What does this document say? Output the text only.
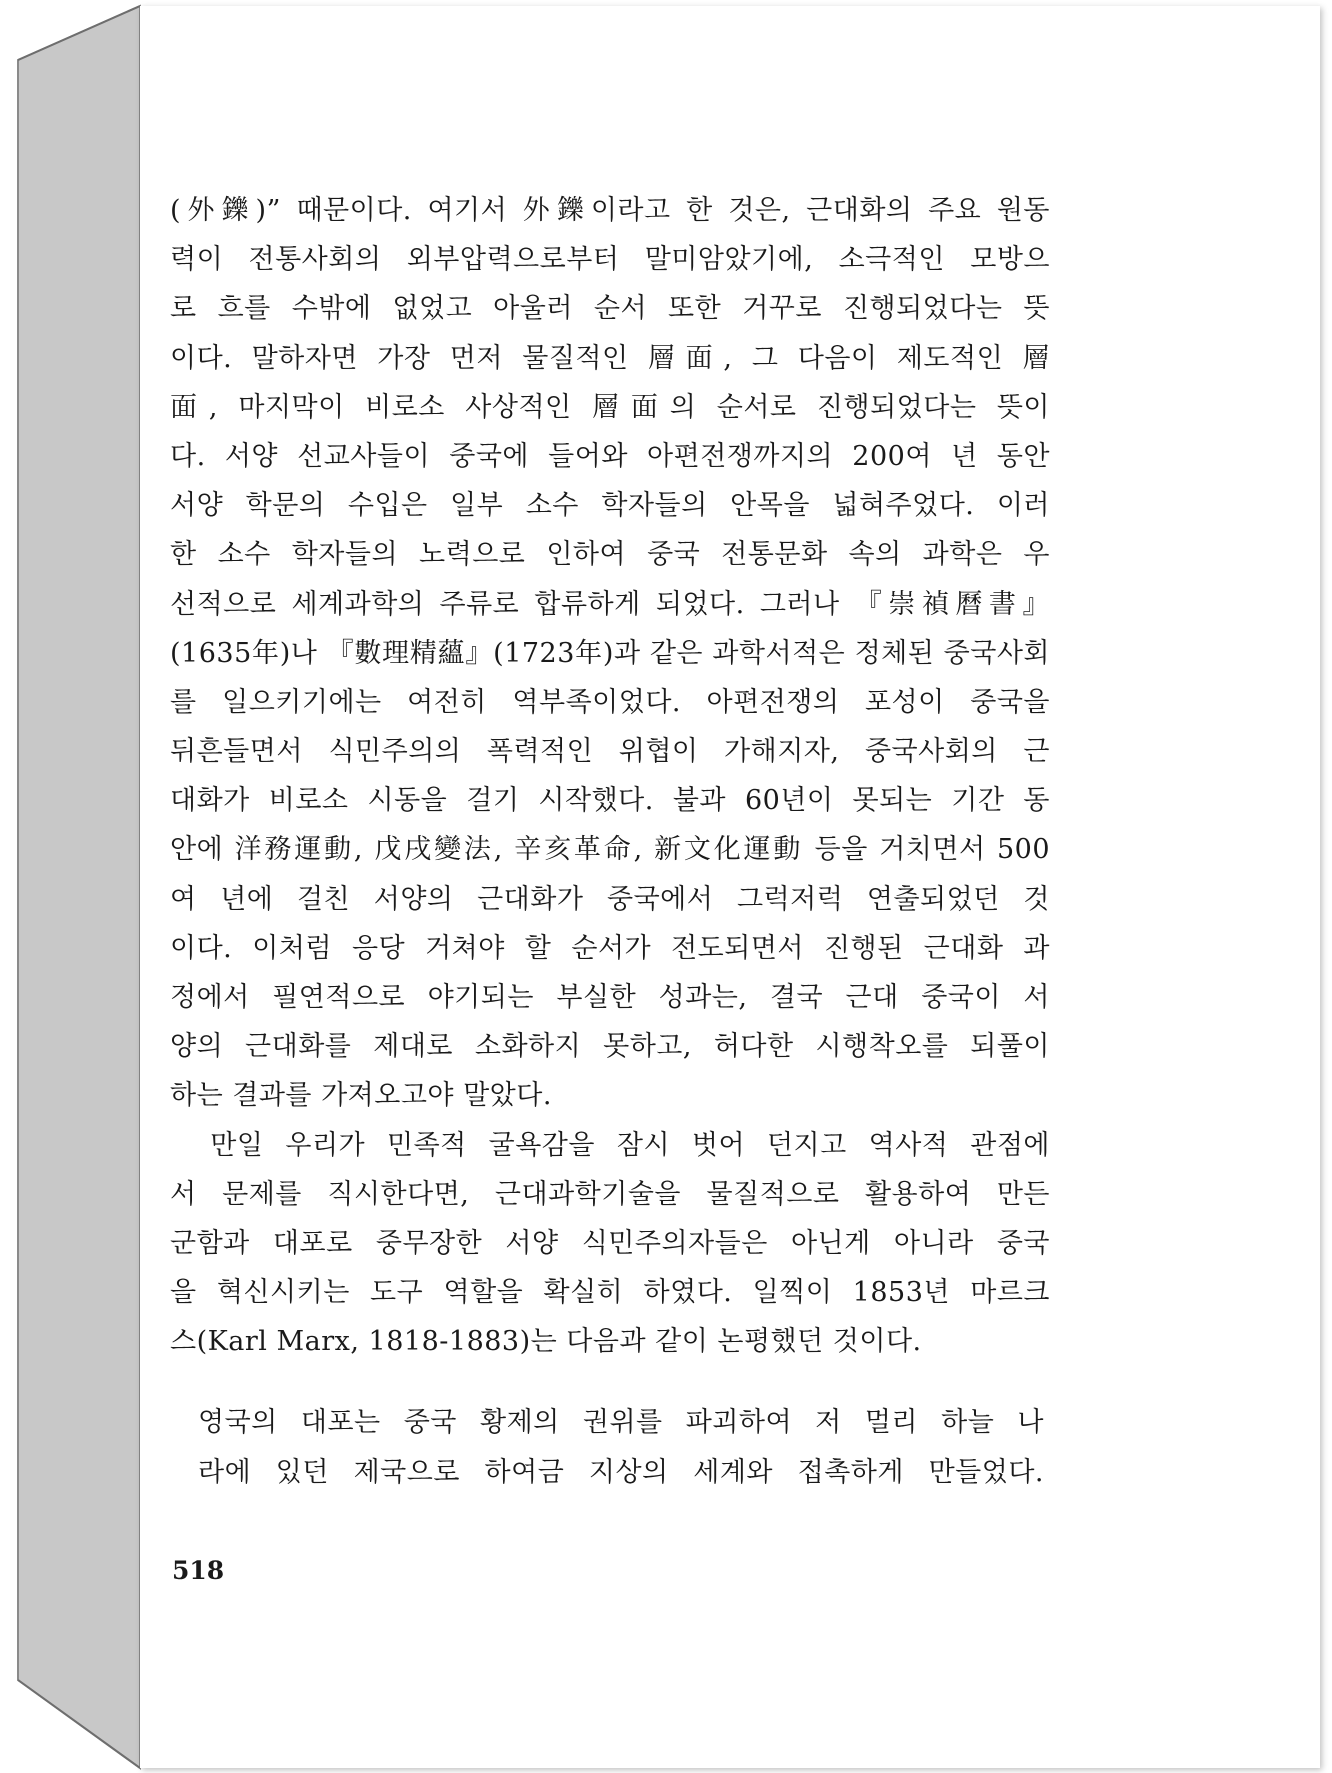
(外鑠)” 때문이다. 여기서 外鑠이라고 한 것은, 근대화의 주요 원동
력이 전통사회의 외부압력으로부터 말미암았기에, 소극적인 모방으
로 흐를 수밖에 없었고 아울러 순서 또한 거꾸로 진행되었다는 뜻
이다. 말하자면 가장 먼저 물질적인 層面, 그 다음이 제도적인 層
面, 마지막이 비로소 사상적인 層面의 순서로 진행되었다는 뜻이
다. 서양 선교사들이 중국에 들어와 아편전쟁까지의 200여 년 동안
서양 학문의 수입은 일부 소수 학자들의 안목을 넓혀주었다. 이러
한 소수 학자들의 노력으로 인하여 중국 전통문화 속의 과학은 우
선적으로 세계과학의 주류로 합류하게 되었다. 그러나 『崇禎曆書』
(1635年)나 『數理精蘊』(1723年)과 같은 과학서적은 정체된 중국사회
를 일으키기에는 여전히 역부족이었다. 아편전쟁의 포성이 중국을
뒤흔들면서 식민주의의 폭력적인 위협이 가해지자, 중국사회의 근
대화가 비로소 시동을 걸기 시작했다. 불과 60년이 못되는 기간 동
안에 洋務運動, 戊戌變法, 辛亥革命, 新文化運動 등을 거치면서 500
여 년에 걸친 서양의 근대화가 중국에서 그럭저럭 연출되었던 것
이다. 이처럼 응당 거쳐야 할 순서가 전도되면서 진행된 근대화 과
정에서 필연적으로 야기되는 부실한 성과는, 결국 근대 중국이 서
양의 근대화를 제대로 소화하지 못하고, 허다한 시행착오를 되풀이
하는 결과를 가져오고야 말았다.
　만일 우리가 민족적 굴욕감을 잠시 벗어 던지고 역사적 관점에
서 문제를 직시한다면, 근대과학기술을 물질적으로 활용하여 만든
군함과 대포로 중무장한 서양 식민주의자들은 아닌게 아니라 중국
을 혁신시키는 도구 역할을 확실히 하였다. 일찍이 1853년 마르크
스(Karl Marx, 1818-1883)는 다음과 같이 논평했던 것이다.
영국의 대포는 중국 황제의 권위를 파괴하여 저 멀리 하늘 나
라에 있던 제국으로 하여금 지상의 세계와 접촉하게 만들었다.
518
